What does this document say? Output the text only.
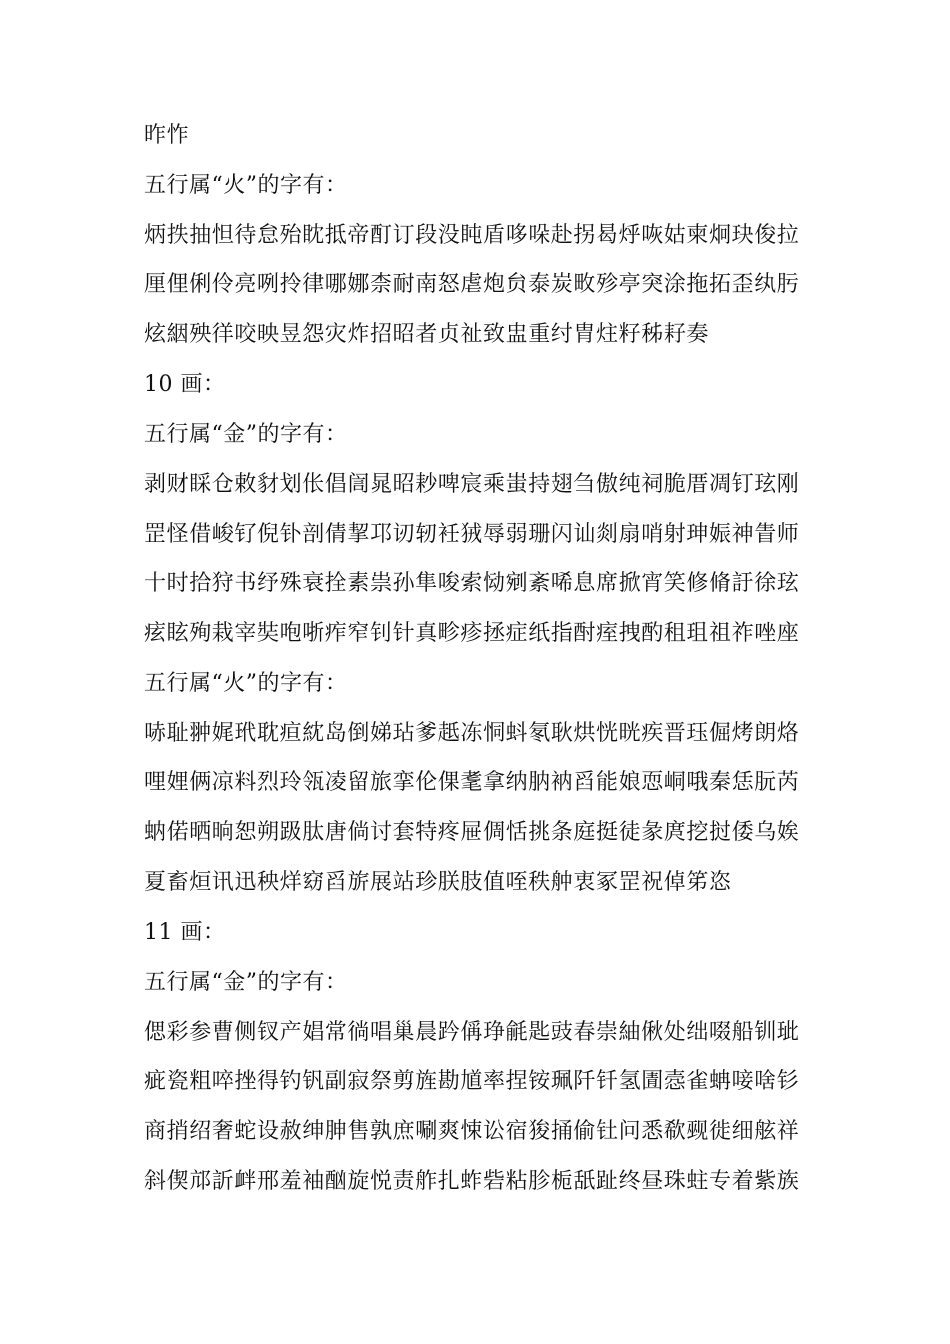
昨怍
五行属“火”的字有：
炳抶抽怛待怠殆眈抵帝酊订段没盹盾哆哚赴拐曷烀咴姑柬炯玦俊拉
厘俚俐伶亮咧拎律哪娜柰耐南怒虐炮贠泰炭畋殄亭突涂拖拓歪纨肟
炫絪殃徉咬映昱怨灾炸招昭者贞祉致盅重纣胄炷籽秭耔奏
10 画：
五行属“金”的字有：
剥财睬仓敕豺划伥倡訚晁昭耖啤宸乘蚩持翅刍傲纯祠脆厝凋钉玹刚
罡怪借峻钌倪钋剖倩挈邛讱轫衽狨辱弱珊闪讪剡扇哨射珅娠神眚师
十时拾狩书纾殊衰拴素祟孙隼唆索恸剜紊唏息席掀宵笑修脩訏徐玹
痃眩殉栽宰奘咆哳痄窄钊针真畛疹拯症纸指酎痓拽酌租珇祖祚唑座
五行属“火”的字有：
哧耻翀娓玳耽疸紞岛倒娣玷爹赿冻恫蚪氡耿烘恍晄疾晋珏倔烤朗烙
哩娌俩凉料烈玲瓴凌留旅挛伦倮耄拿纳肭衲舀能娘恧峒哦秦恁朊芮
蚋偌晒晌恕朔趿肽唐倘讨套特疼屉倜恬挑条庭挺徒彖庹挖挝倭乌娭
夏畜烜讯迅秧烊窈舀旂展站珍朕肢值咥秩舯衷冢罡祝倬笫恣
11 画：
五行属“金”的字有：
偲彩参曹侧钗产娼常徜唱巢晨趻偁琤毹匙豉春崇紬偢处绌啜船钏玼
疵瓷粗啐挫得钓钒副寂祭剪旌勘馗率捏铵珮阡钎氢圊悫雀蚺唼啥钐
商捎绍奢蛇设赦绅胂售孰庶唰爽悚讼宿狻捅偷钍问悉欷觋徙细舷祥
斜偰邟訢衅邢羞袖酗旋悦责舴扎蚱砦粘胗栀舐趾终昼珠蛀专着紫族
